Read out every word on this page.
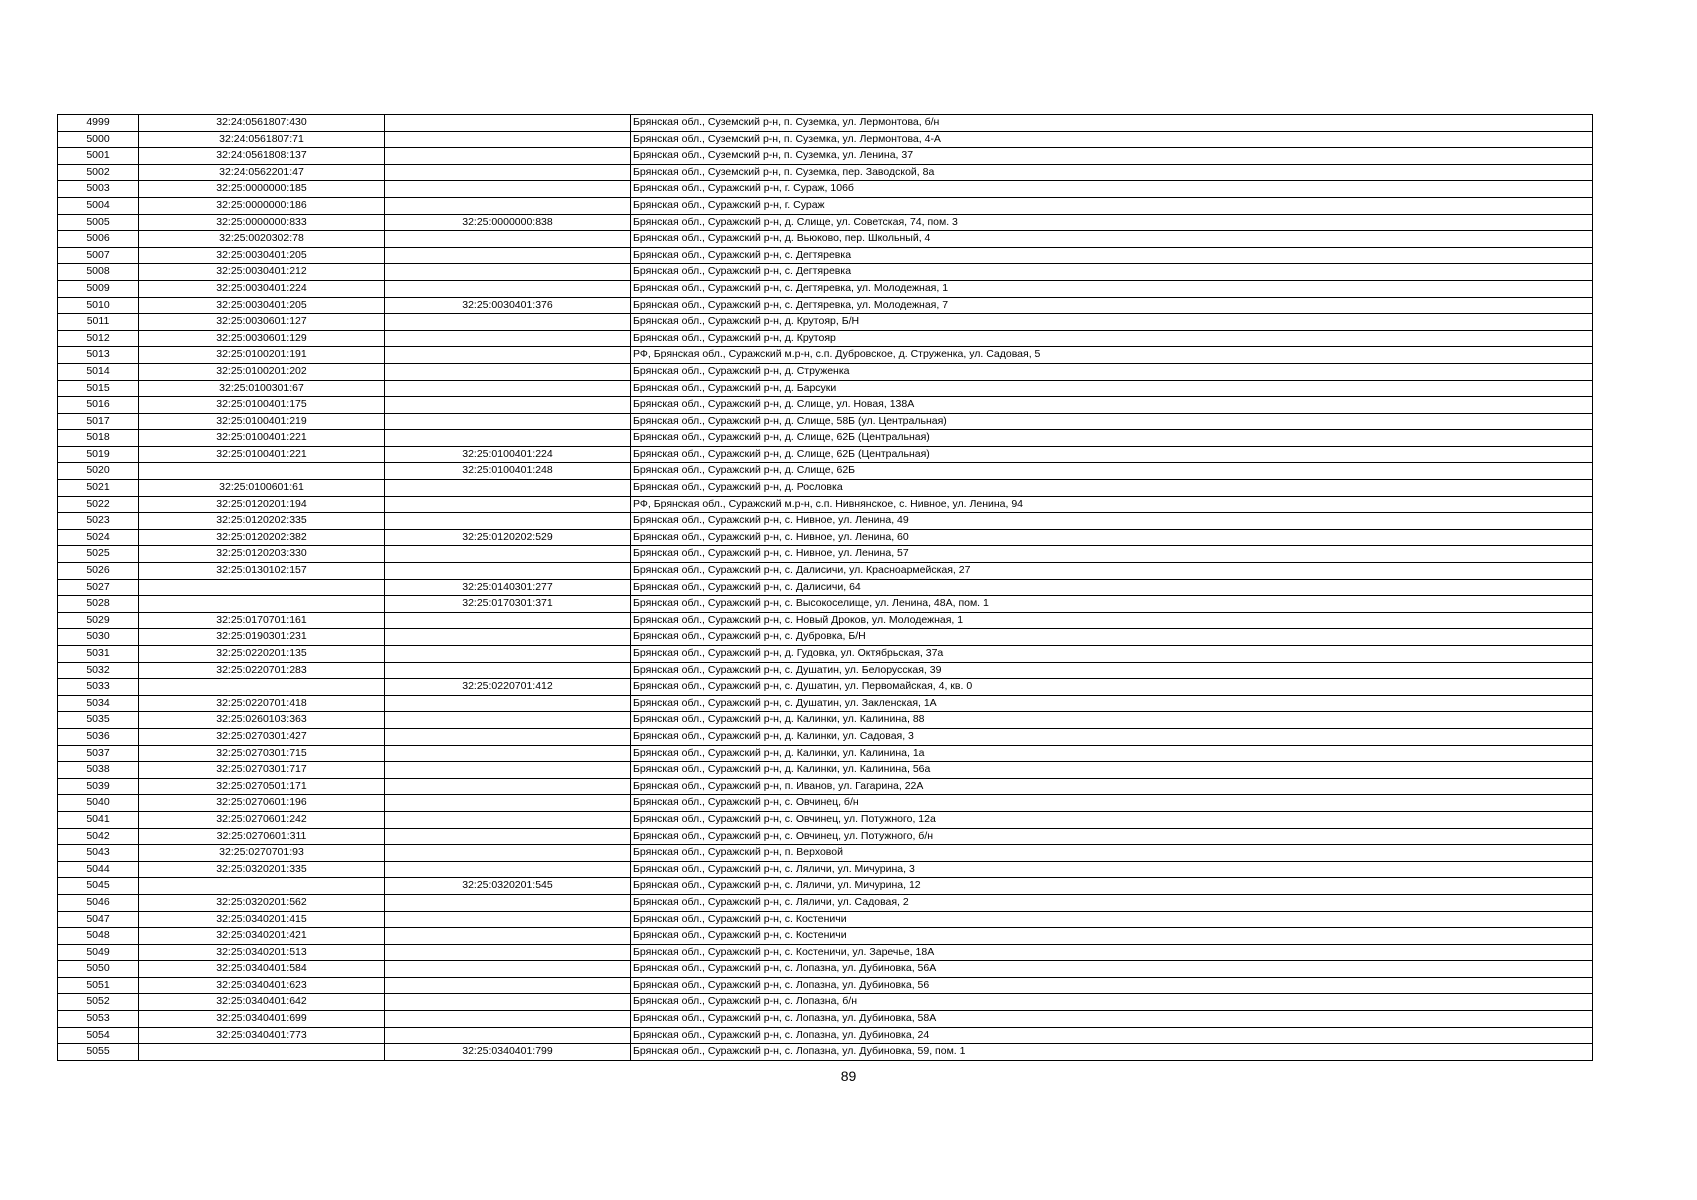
4999	32:24:0561807:430		Брянская обл., Суземский р-н, п. Суземка, ул. Лермонтова, б/н
5000	32:24:0561807:71		Брянская обл., Суземский р-н, п. Суземка, ул. Лермонтова, 4-А
5001	32:24:0561808:137		Брянская обл., Суземский р-н, п. Суземка, ул. Ленина, 37
5002	32:24:0562201:47		Брянская обл., Суземский р-н, п. Суземка, пер. Заводской, 8а
5003	32:25:0000000:185		Брянская обл., Суражский р-н, г. Сураж, 106б
5004	32:25:0000000:186		Брянская обл., Суражский р-н, г. Сураж
5005	32:25:0000000:833	32:25:0000000:838	Брянская обл., Суражский р-н, д. Слище, ул. Советская, 74, пом. 3
5006	32:25:0020302:78		Брянская обл., Суражский р-н, д. Вьюково, пер. Школьный, 4
5007	32:25:0030401:205		Брянская обл., Суражский р-н, с. Дегтяревка
5008	32:25:0030401:212		Брянская обл., Суражский р-н, с. Дегтяревка
5009	32:25:0030401:224		Брянская обл., Суражский р-н, с. Дегтяревка, ул. Молодежная, 1
5010	32:25:0030401:205	32:25:0030401:376	Брянская обл., Суражский р-н, с. Дегтяревка, ул. Молодежная, 7
5011	32:25:0030601:127		Брянская обл., Суражский р-н, д. Крутояр, Б/Н
5012	32:25:0030601:129		Брянская обл., Суражский р-н, д. Крутояр
5013	32:25:0100201:191		РФ, Брянская обл., Суражский м.р-н, с.п. Дубровское, д. Струженка, ул. Садовая, 5
5014	32:25:0100201:202		Брянская обл., Суражский р-н, д. Струженка
5015	32:25:0100301:67		Брянская обл., Суражский р-н, д. Барсуки
5016	32:25:0100401:175		Брянская обл., Суражский р-н, д. Слище, ул. Новая, 138А
5017	32:25:0100401:219		Брянская обл., Суражский р-н, д. Слище, 58Б (ул. Центральная)
5018	32:25:0100401:221		Брянская обл., Суражский р-н, д. Слище, 62Б (Центральная)
5019	32:25:0100401:221	32:25:0100401:224	Брянская обл., Суражский р-н, д. Слище, 62Б (Центральная)
5020		32:25:0100401:248	Брянская обл., Суражский р-н, д. Слище, 62Б
5021	32:25:0100601:61		Брянская обл., Суражский р-н, д. Рословка
5022	32:25:0120201:194		РФ, Брянская обл., Суражский м.р-н, с.п. Нивнянское, с. Нивное, ул. Ленина, 94
5023	32:25:0120202:335		Брянская обл., Суражский р-н, с. Нивное, ул. Ленина, 49
5024	32:25:0120202:382	32:25:0120202:529	Брянская обл., Суражский р-н, с. Нивное, ул. Ленина, 60
5025	32:25:0120203:330		Брянская обл., Суражский р-н, с. Нивное, ул. Ленина, 57
5026	32:25:0130102:157		Брянская обл., Суражский р-н, с. Далисичи, ул. Красноармейская, 27
5027		32:25:0140301:277	Брянская обл., Суражский р-н, с. Далисичи, 64
5028		32:25:0170301:371	Брянская обл., Суражский р-н, с. Высокоселище, ул. Ленина, 48А, пом. 1
5029	32:25:0170701:161		Брянская обл., Суражский р-н, с. Новый Дроков, ул. Молодежная, 1
5030	32:25:0190301:231		Брянская обл., Суражский р-н, с. Дубровка, Б/Н
5031	32:25:0220201:135		Брянская обл., Суражский р-н, д. Гудовка, ул. Октябрьская, 37а
5032	32:25:0220701:283		Брянская обл., Суражский р-н, с. Душатин, ул. Белорусская, 39
5033		32:25:0220701:412	Брянская обл., Суражский р-н, с. Душатин, ул. Первомайская, 4, кв. 0
5034	32:25:0220701:418		Брянская обл., Суражский р-н, с. Душатин, ул. Закленская, 1А
5035	32:25:0260103:363		Брянская обл., Суражский р-н, д. Калинки, ул. Калинина, 88
5036	32:25:0270301:427		Брянская обл., Суражский р-н, д. Калинки, ул. Садовая, 3
5037	32:25:0270301:715		Брянская обл., Суражский р-н, д. Калинки, ул. Калинина, 1а
5038	32:25:0270301:717		Брянская обл., Суражский р-н, д. Калинки, ул. Калинина, 56а
5039	32:25:0270501:171		Брянская обл., Суражский р-н, п. Иванов, ул. Гагарина, 22А
5040	32:25:0270601:196		Брянская обл., Суражский р-н, с. Овчинец, б/н
5041	32:25:0270601:242		Брянская обл., Суражский р-н, с. Овчинец, ул. Потужного, 12а
5042	32:25:0270601:311		Брянская обл., Суражский р-н, с. Овчинец, ул. Потужного, б/н
5043	32:25:0270701:93		Брянская обл., Суражский р-н, п. Верховой
5044	32:25:0320201:335		Брянская обл., Суражский р-н, с. Ляличи, ул. Мичурина, 3
5045		32:25:0320201:545	Брянская обл., Суражский р-н, с. Ляличи, ул. Мичурина, 12
5046	32:25:0320201:562		Брянская обл., Суражский р-н, с. Ляличи, ул. Садовая, 2
5047	32:25:0340201:415		Брянская обл., Суражский р-н, с. Костеничи
5048	32:25:0340201:421		Брянская обл., Суражский р-н, с. Костеничи
5049	32:25:0340201:513		Брянская обл., Суражский р-н, с. Костеничи, ул. Заречье, 18А
5050	32:25:0340401:584		Брянская обл., Суражский р-н, с. Лопазна, ул. Дубиновка, 56А
5051	32:25:0340401:623		Брянская обл., Суражский р-н, с. Лопазна, ул. Дубиновка, 56
5052	32:25:0340401:642		Брянская обл., Суражский р-н, с. Лопазна, б/н
5053	32:25:0340401:699		Брянская обл., Суражский р-н, с. Лопазна, ул. Дубиновка, 58А
5054	32:25:0340401:773		Брянская обл., Суражский р-н, с. Лопазна, ул. Дубиновка, 24
5055		32:25:0340401:799	Брянская обл., Суражский р-н, с. Лопазна, ул. Дубиновка, 59, пом. 1
89
